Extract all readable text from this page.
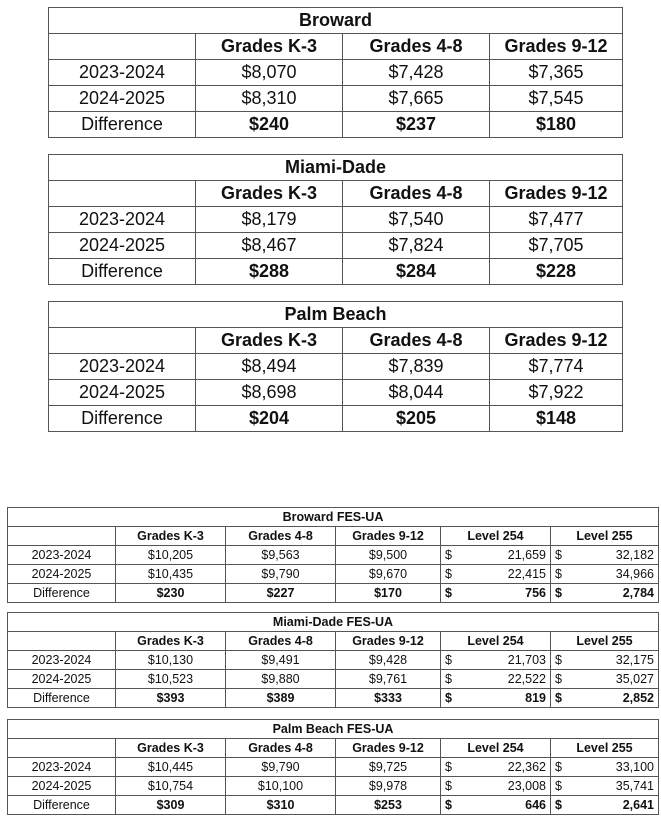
Broward			
	Grades K-3	Grades 4-8	Grades 9-12
2023-2024	$8,070	$7,428	$7,365
2024-2025	$8,310	$7,665	$7,545
Difference	$240	$237	$180
Miami-Dade			
	Grades K-3	Grades 4-8	Grades 9-12
2023-2024	$8,179	$7,540	$7,477
2024-2025	$8,467	$7,824	$7,705
Difference	$288	$284	$228
Palm Beach			
	Grades K-3	Grades 4-8	Grades 9-12
2023-2024	$8,494	$7,839	$7,774
2024-2025	$8,698	$8,044	$7,922
Difference	$204	$205	$148
Broward FES-UA					
	Grades K-3	Grades 4-8	Grades 9-12	Level 254	Level 255
2023-2024	$10,205	$9,563	$9,500	$ 21,659	$ 32,182

2024-2025	$10,435	$9,790	$9,670	$ 22,415	$ 34,966

Difference	$230	$227	$170	$ 756	$ 2,784
Miami-Dade FES-UA					
	Grades K-3	Grades 4-8	Grades 9-12	Level 254	Level 255
2023-2024	$10,130	$9,491	$9,428	$ 21,703	$ 32,175

2024-2025	$10,523	$9,880	$9,761	$ 22,522	$ 35,027

Difference	$393	$389	$333	$ 819	$ 2,852
Palm Beach FES-UA					
	Grades K-3	Grades 4-8	Grades 9-12	Level 254	Level 255
2023-2024	$10,445	$9,790	$9,725	$ 22,362	$ 33,100

2024-2025	$10,754	$10,100	$9,978	$ 23,008	$ 35,741

Difference	$309	$310	$253	$ 646	$ 2,641
